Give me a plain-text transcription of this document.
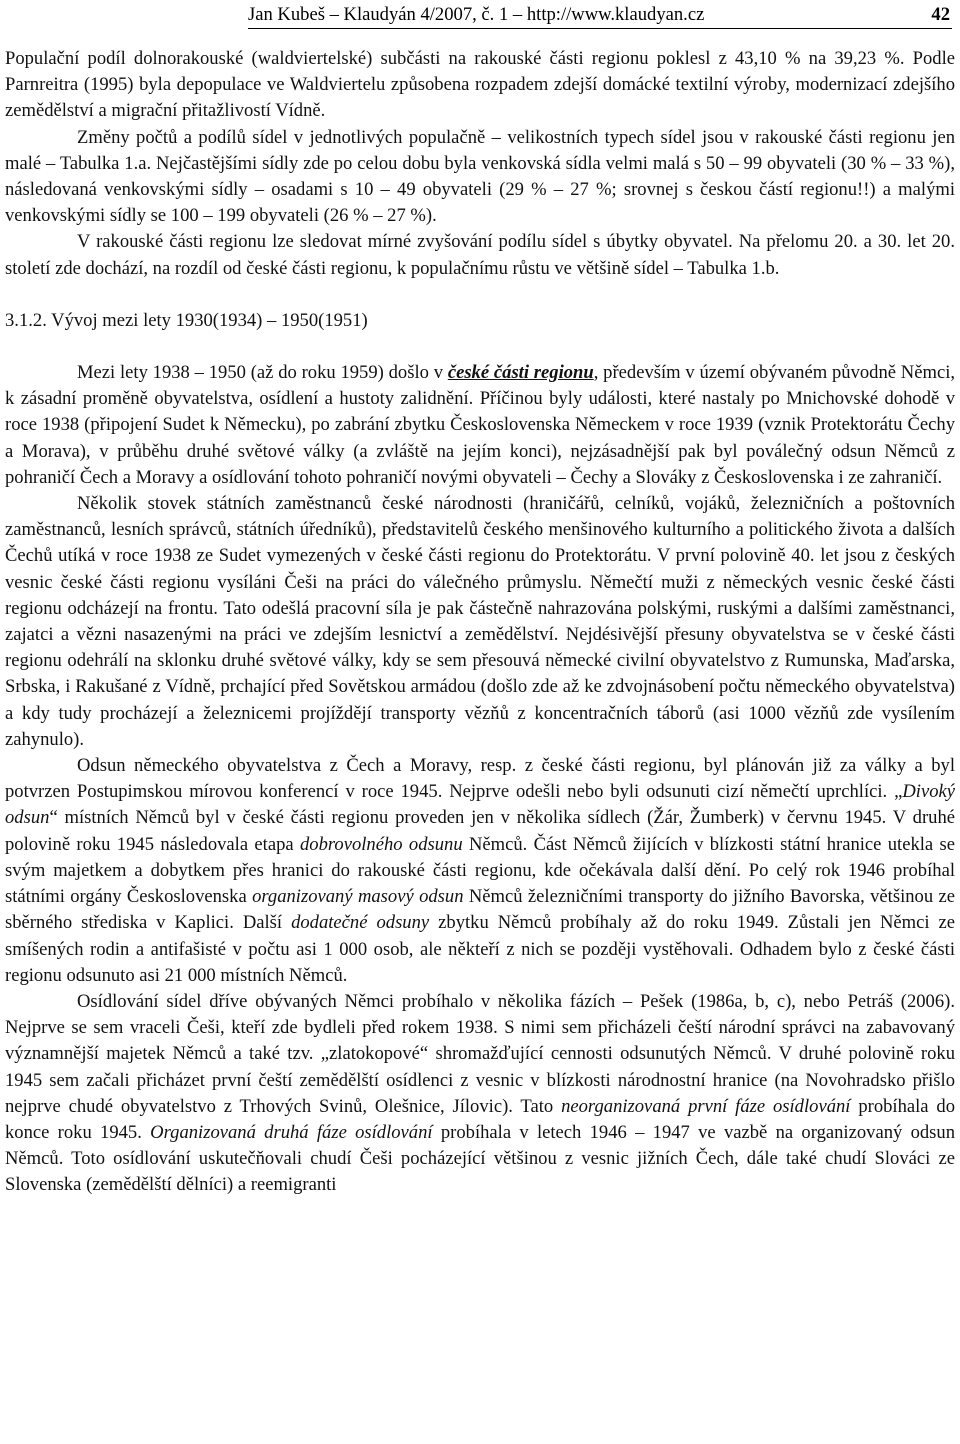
Jan Kubeš – Klaudyán 4/2007, č. 1 – http://www.klaudyan.cz	42

Populační podíl dolnorakouské (waldviertelské) subčásti na rakouské části regionu poklesl z 43,10 % na 39,23 %. Podle Parnreitra (1995) byla depopulace ve Waldviertelu způsobena rozpadem zdejší domácké textilní výroby, modernizací zdejšího zemědělství a migrační přitažlivostí Vídně.

Změny počtů a podílů sídel v jednotlivých populačně – velikostních typech sídel jsou v rakouské části regionu jen malé – Tabulka 1.a. Nejčastějšími sídly zde po celou dobu byla venkovská sídla velmi malá s 50 – 99 obyvateli (30 % – 33 %), následovaná venkovskými sídly – osadami s 10 – 49 obyvateli (29 % – 27 %; srovnej s českou částí regionu!!) a malými venkovskými sídly se 100 – 199 obyvateli (26 % – 27 %).

V rakouské části regionu lze sledovat mírné zvyšování podílu sídel s úbytky obyvatel. Na přelomu 20. a 30. let 20. století zde dochází, na rozdíl od české části regionu, k populačnímu růstu ve většině sídel – Tabulka 1.b.

3.1.2. Vývoj mezi lety 1930(1934) – 1950(1951)

Mezi lety 1938 – 1950 (až do roku 1959) došlo v české části regionu, především v území obývaném původně Němci, k zásadní proměně obyvatelstva, osídlení a hustoty zalidnění. Příčinou byly události, které nastaly po Mnichovské dohodě v roce 1938 (připojení Sudet k Německu), po zabrání zbytku Československa Německem v roce 1939 (vznik Protektorátu Čechy a Morava), v průběhu druhé světové války (a zvláště na jejím konci), nejzásadnější pak byl poválečný odsun Němců z pohraničí Čech a Moravy a osídlování tohoto pohraničí novými obyvateli – Čechy a Slováky z Československa i ze zahraničí.

Několik stovek státních zaměstnanců české národnosti (hraničářů, celníků, vojáků, železničních a poštovních zaměstnanců, lesních správců, státních úředníků), představitelů českého menšinového kulturního a politického života a dalších Čechů utíká v roce 1938 ze Sudet vymezených v české části regionu do Protektorátu. V první polovině 40. let jsou z českých vesnic české části regionu vysíláni Češi na práci do válečného průmyslu. Němečtí muži z německých vesnic české části regionu odcházejí na frontu. Tato odešlá pracovní síla je pak částečně nahrazována polskými, ruskými a dalšími zaměstnanci, zajatci a vězni nasazenými na práci ve zdejším lesnictví a zemědělství. Nejdésivější přesuny obyvatelstva se v české části regionu odehrálí na sklonku druhé světové války, kdy se sem přesouvá německé civilní obyvatelstvo z Rumunska, Maďarska, Srbska, i Rakušané z Vídně, prchající před Sovětskou armádou (došlo zde až ke zdvojnásobení počtu německého obyvatelstva) a kdy tudy procházejí a železnicemi projíždějí transporty vězňů z koncentračních táborů (asi 1000 vězňů zde vysílením zahynulo).

Odsun německého obyvatelstva z Čech a Moravy, resp. z české části regionu, byl plánován již za války a byl potvrzen Postupimskou mírovou konferencí v roce 1945. Nejprve odešli nebo byli odsunuti cizí němečtí uprchlíci. „Divoký odsun“ místních Němců byl v české části regionu proveden jen v několika sídlech (Žár, Žumberk) v červnu 1945. V druhé polovině roku 1945 následovala etapa dobrovolného odsunu Němců. Část Němců žijících v blízkosti státní hranice utekla se svým majetkem a dobytkem přes hranici do rakouské části regionu, kde očekávala další dění. Po celý rok 1946 probíhal státními orgány Československa organizovaný masový odsun Němců železničními transporty do jižního Bavorska, většinou ze sběrného střediska v Kaplici. Další dodatečné odsuny zbytku Němců probíhaly až do roku 1949. Zůstali jen Němci ze smíšených rodin a antifašisté v počtu asi 1 000 osob, ale někteří z nich se později vystěhovali. Odhadem bylo z české části regionu odsunuto asi 21 000 místních Němců.

Osídlování sídel dříve obývaných Němci probíhalo v několika fázích – Pešek (1986a, b, c), nebo Petráš (2006). Nejprve se sem vraceli Češi, kteří zde bydleli před rokem 1938. S nimi sem přicházeli čeští národní správci na zabavovaný významnější majetek Němců a také tzv. „zlatokopové“ shromažďující cennosti odsunutých Němců. V druhé polovině roku 1945 sem začali přicházet první čeští zemědělští osídlenci z vesnic v blízkosti národnostní hranice (na Novohradsko přišlo nejprve chudé obyvatelstvo z Trhových Svinů, Olešnice, Jílovic). Tato neorganizovaná první fáze osídlování probíhala do konce roku 1945. Organizovaná druhá fáze osídlování probíhala v letech 1946 – 1947 ve vazbě na organizovaný odsun Němců. Toto osídlování uskutečňovali chudí Češi pocházející většinou z vesnic jižních Čech, dále také chudí Slováci ze Slovenska (zemědělští dělníci) a reemigranti
